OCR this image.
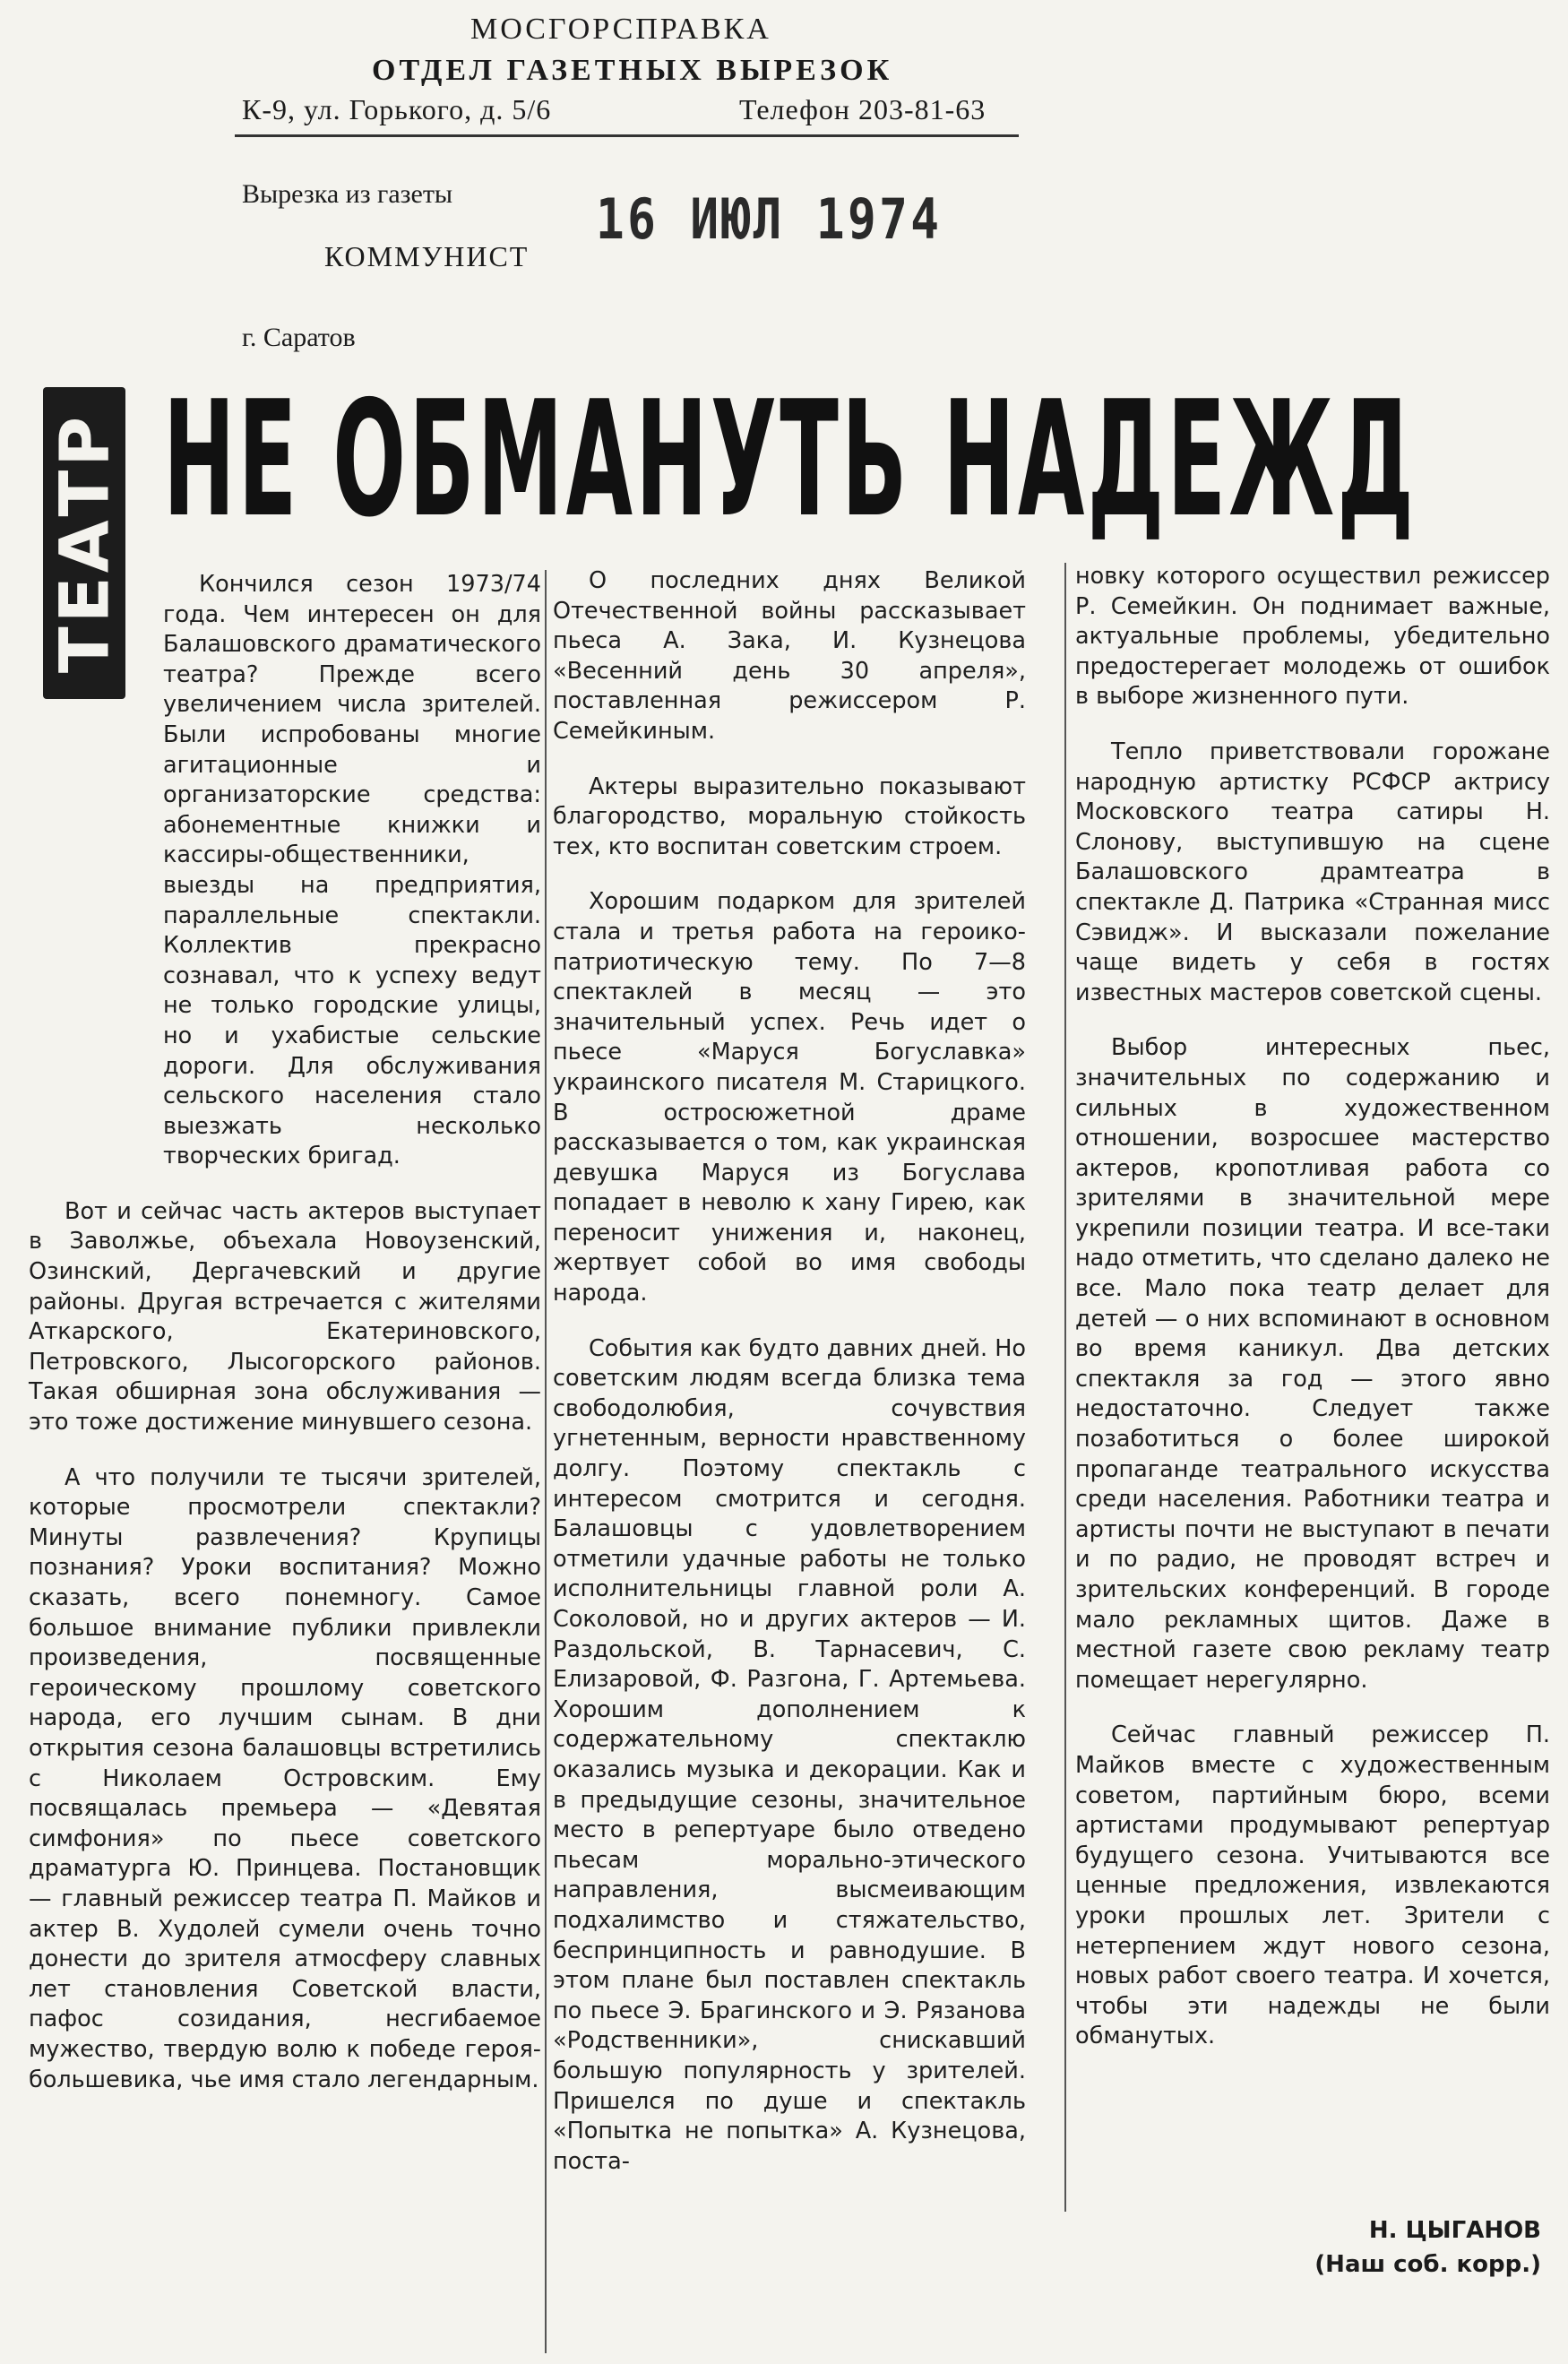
МОСГОРСПРАВКА
ОТДЕЛ ГАЗЕТНЫХ ВЫРЕЗОК
К-9, ул. Горького, д. 5/6	Телефон 203-81-63
Вырезка из газеты
КОММУНИСТ
16 ИЮЛ 1974
г. Саратов
ТЕАТР НЕ ОБМАНУТЬ НАДЕЖД

Кончился сезон 1973/74 года. Чем интересен он для Балашовского драматического театра? Прежде всего увеличением числа зрителей. Были испробованы многие агитационные и организаторские средства: абонементные книжки и кассиры-общественники, выезды на предприятия, параллельные спектакли. Коллектив прекрасно сознавал, что к успеху ведут не только городские улицы, но и ухабистые сельские дороги. Для обслуживания сельского населения стало выезжать несколько творческих бригад.

Вот и сейчас часть актеров выступает в Заволжье, объехала Новоузенский, Озинский, Дергачевский и другие районы. Другая встречается с жителями Аткарского, Екатериновского, Петровского, Лысогорского районов. Такая обширная зона обслуживания — это тоже достижение минувшего сезона.

А что получили те тысячи зрителей, которые просмотрели спектакли? Минуты развлечения? Крупицы познания? Уроки воспитания? Можно сказать, всего понемногу. Самое большое внимание публики привлекли произведения, посвященные героическому прошлому советского народа, его лучшим сынам. В дни открытия сезона балашовцы встретились с Николаем Островским. Ему посвящалась премьера — «Девятая симфония» по пьесе советского драматурга Ю. Принцева. Постановщик — главный режиссер театра П. Майков и актер В. Худолей сумели очень точно донести до зрителя атмосферу славных лет становления Советской власти, пафос созидания, несгибаемое мужество, твердую волю к победе героя-большевика, чье имя стало легендарным.

О последних днях Великой Отечественной войны рассказывает пьеса А. Зака, И. Кузнецова «Весенний день 30 апреля», поставленная режиссером Р. Семейкиным.

Актеры выразительно показывают благородство, моральную стойкость тех, кто воспитан советским строем.

Хорошим подарком для зрителей стала и третья работа на героико-патриотическую тему. По 7—8 спектаклей в месяц — это значительный успех. Речь идет о пьесе «Маруся Богуславка» украинского писателя М. Старицкого. В остросюжетной драме рассказывается о том, как украинская девушка Маруся из Богуслава попадает в неволю к хану Гирею, как переносит унижения и, наконец, жертвует собой во имя свободы народа.

События как будто давних дней. Но советским людям всегда близка тема свободолюбия, сочувствия угнетенным, верности нравственному долгу. Поэтому спектакль с интересом смотрится и сегодня. Балашовцы с удовлетворением отметили удачные работы не только исполнительницы главной роли А. Соколовой, но и других актеров — И. Раздольской, В. Тарнасевич, С. Елизаровой, Ф. Разгона, Г. Артемьева. Хорошим дополнением к содержательному спектаклю оказались музыка и декорации. Как и в предыдущие сезоны, значительное место в репертуаре было отведено пьесам морально-этического направления, высмеивающим подхалимство и стяжательство, беспринципность и равнодушие. В этом плане был поставлен спектакль по пьесе Э. Брагинского и Э. Рязанова «Родственники», снискавший большую популярность у зрителей. Пришелся по душе и спектакль «Попытка не попытка» А. Кузнецова, поста-

новку которого осуществил режиссер Р. Семейкин. Он поднимает важные, актуальные проблемы, убедительно предостерегает молодежь от ошибок в выборе жизненного пути.

Тепло приветствовали горожане народную артистку РСФСР актрису Московского театра сатиры Н. Слонову, выступившую на сцене Балашовского драмтеатра в спектакле Д. Патрика «Странная мисс Сэвидж». И высказали пожелание чаще видеть у себя в гостях известных мастеров советской сцены.

Выбор интересных пьес, значительных по содержанию и сильных в художественном отношении, возросшее мастерство актеров, кропотливая работа со зрителями в значительной мере укрепили позиции театра. И все-таки надо отметить, что сделано далеко не все. Мало пока театр делает для детей — о них вспоминают в основном во время каникул. Два детских спектакля за год — этого явно недостаточно. Следует также позаботиться о более широкой пропаганде театрального искусства среди населения. Работники театра и артисты почти не выступают в печати и по радио, не проводят встреч и зрительских конференций. В городе мало рекламных щитов. Даже в местной газете свою рекламу театр помещает нерегулярно.

Сейчас главный режиссер П. Майков вместе с художественным советом, партийным бюро, всеми артистами продумывают репертуар будущего сезона. Учитываются все ценные предложения, извлекаются уроки прошлых лет. Зрители с нетерпением ждут нового сезона, новых работ своего театра. И хочется, чтобы эти надежды не были обманутых.

Н. ЦЫГАНОВ
(Наш соб. корр.)
